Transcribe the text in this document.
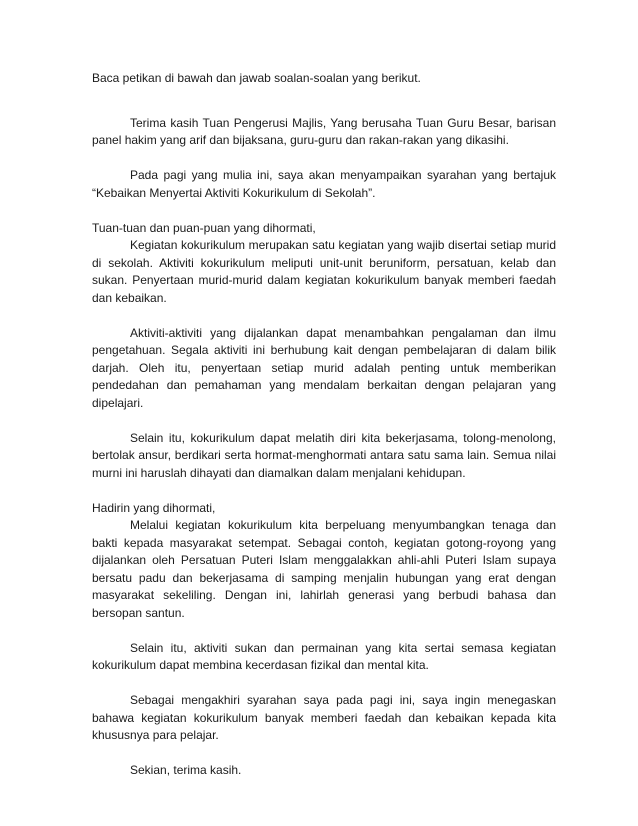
Baca petikan di bawah dan jawab soalan-soalan yang berikut.

Terima kasih Tuan Pengerusi Majlis, Yang berusaha Tuan Guru Besar, barisan panel hakim yang arif dan bijaksana, guru-guru dan rakan-rakan yang dikasihi.

Pada pagi yang mulia ini, saya akan menyampaikan syarahan yang bertajuk “Kebaikan Menyertai Aktiviti Kokurikulum di Sekolah”.

Tuan-tuan dan puan-puan yang dihormati,

Kegiatan kokurikulum merupakan satu kegiatan yang wajib disertai setiap murid di sekolah. Aktiviti kokurikulum meliputi unit-unit beruniform, persatuan, kelab dan sukan. Penyertaan murid-murid dalam kegiatan kokurikulum banyak memberi faedah dan kebaikan.

Aktiviti-aktiviti yang dijalankan dapat menambahkan pengalaman dan ilmu pengetahuan. Segala aktiviti ini berhubung kait dengan pembelajaran di dalam bilik darjah. Oleh itu, penyertaan setiap murid adalah penting untuk memberikan pendedahan dan pemahaman yang mendalam berkaitan dengan pelajaran yang dipelajari.

Selain itu, kokurikulum dapat melatih diri kita bekerjasama, tolong-menolong, bertolak ansur, berdikari serta hormat-menghormati antara satu sama lain. Semua nilai murni ini haruslah dihayati dan diamalkan dalam menjalani kehidupan.

Hadirin yang dihormati,

Melalui kegiatan kokurikulum kita berpeluang menyumbangkan tenaga dan bakti kepada masyarakat setempat. Sebagai contoh, kegiatan gotong-royong yang dijalankan oleh Persatuan Puteri Islam menggalakkan ahli-ahli Puteri Islam supaya bersatu padu dan bekerjasama di samping menjalin hubungan yang erat dengan masyarakat sekeliling. Dengan ini, lahirlah generasi yang berbudi bahasa dan bersopan santun.

Selain itu, aktiviti sukan dan permainan yang kita sertai semasa kegiatan kokurikulum dapat membina kecerdasan fizikal dan mental kita.

Sebagai mengakhiri syarahan saya pada pagi ini, saya ingin menegaskan bahawa kegiatan kokurikulum banyak memberi faedah dan kebaikan kepada kita khususnya para pelajar.

Sekian, terima kasih.
